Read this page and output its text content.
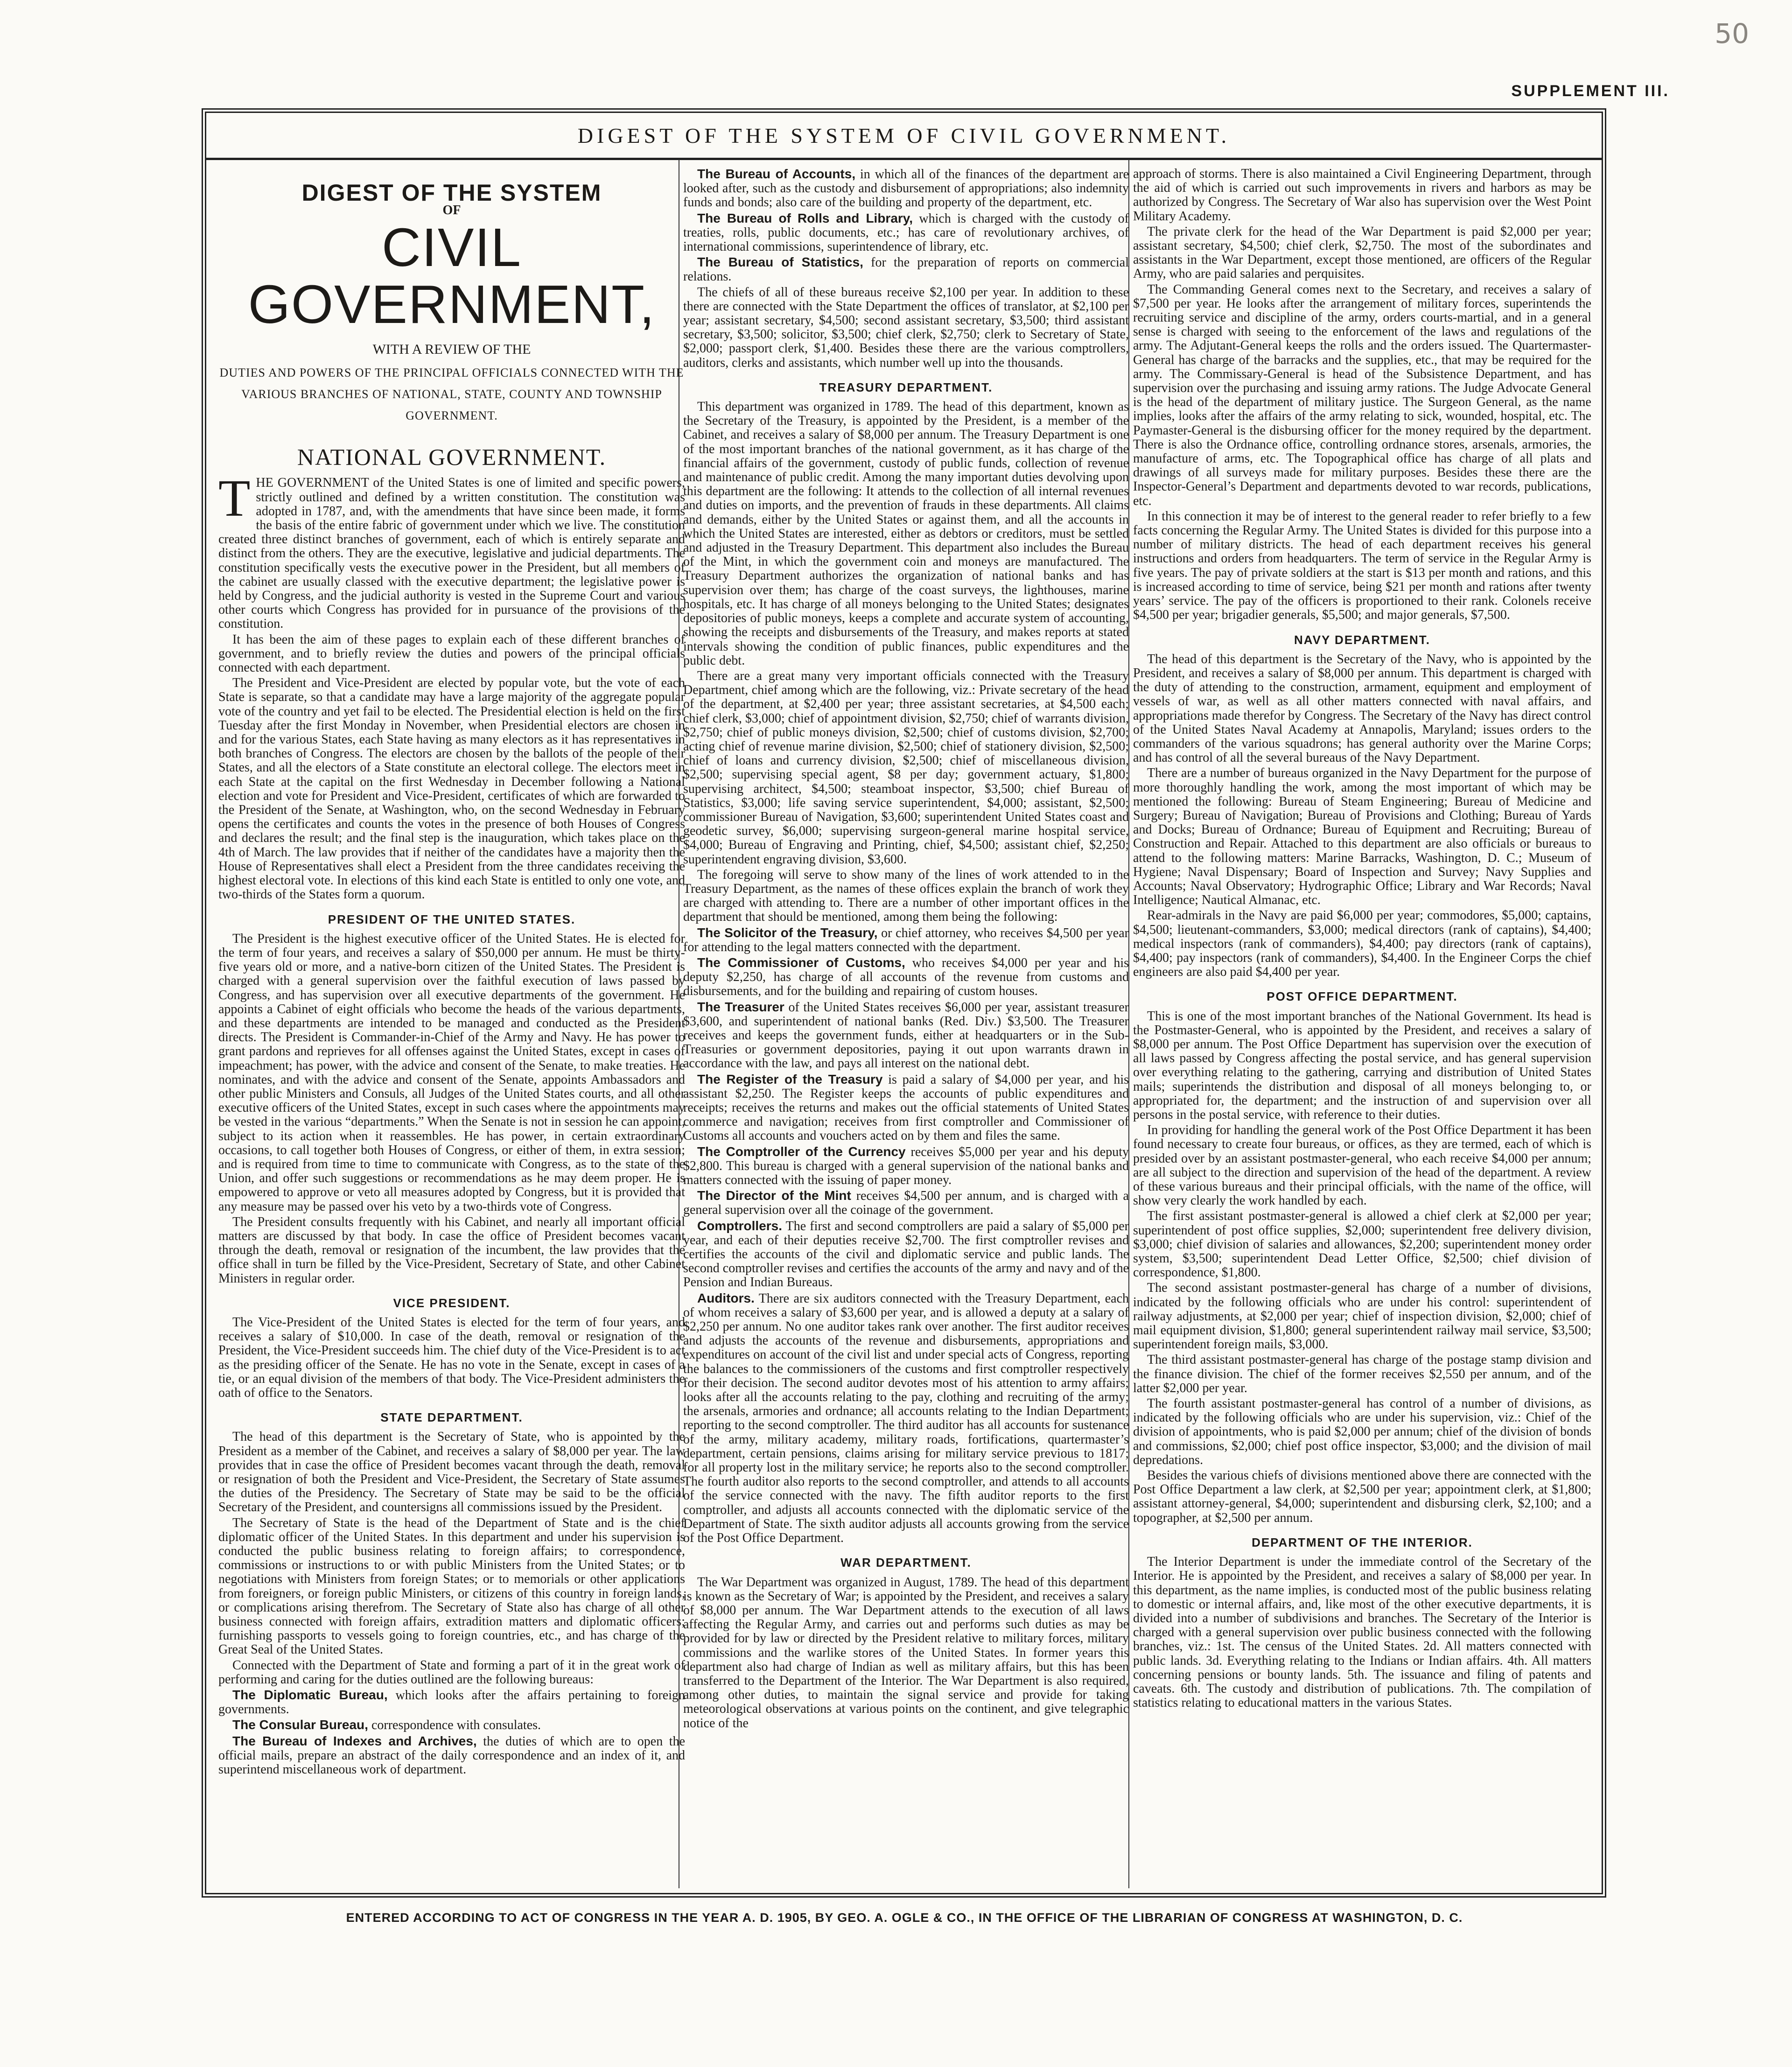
50
SUPPLEMENT III.
DIGEST OF THE SYSTEM OF CIVIL GOVERNMENT.
DIGEST OF THE SYSTEM
OF
CIVIL GOVERNMENT,
WITH A REVIEW OF THE
DUTIES AND POWERS OF THE PRINCIPAL OFFICIALS CONNECTED WITH THE VARIOUS BRANCHES OF NATIONAL, STATE, COUNTY AND TOWNSHIP GOVERNMENT.
NATIONAL GOVERNMENT.

THE GOVERNMENT of the United States is one of limited and specific powers, strictly outlined and defined by a written constitution. The constitution was adopted in 1787, and, with the amendments that have since been made, it forms the basis of the entire fabric of government under which we live. The constitution created three distinct branches of government, each of which is entirely separate and distinct from the others. They are the executive, legislative and judicial departments. The constitution specifically vests the executive power in the President, but all members of the cabinet are usually classed with the executive department; the legislative power is held by Congress, and the judicial authority is vested in the Supreme Court and various other courts which Congress has provided for in pursuance of the provisions of the constitution.

It has been the aim of these pages to explain each of these different branches of government, and to briefly review the duties and powers of the principal officials connected with each department.

The President and Vice-President are elected by popular vote, but the vote of each State is separate, so that a candidate may have a large majority of the aggregate popular vote of the country and yet fail to be elected. The Presidential election is held on the first Tuesday after the first Monday in November, when Presidential electors are chosen in and for the various States, each State having as many electors as it has representatives in both branches of Congress. The electors are chosen by the ballots of the people of their States, and all the electors of a State constitute an electoral college. The electors meet in each State at the capital on the first Wednesday in December following a National election and vote for President and Vice-President, certificates of which are forwarded to the President of the Senate, at Washington, who, on the second Wednesday in February opens the certificates and counts the votes in the presence of both Houses of Congress and declares the result; and the final step is the inauguration, which takes place on the 4th of March. The law provides that if neither of the candidates have a majority then the House of Representatives shall elect a President from the three candidates receiving the highest electoral vote. In elections of this kind each State is entitled to only one vote, and two-thirds of the States form a quorum.

PRESIDENT OF THE UNITED STATES.

The President is the highest executive officer of the United States. He is elected for the term of four years, and receives a salary of $50,000 per annum. He must be thirty-five years old or more, and a native-born citizen of the United States. The President is charged with a general supervision over the faithful execution of laws passed by Congress, and has supervision over all executive departments of the government. He appoints a Cabinet of eight officials who become the heads of the various departments, and these departments are intended to be managed and conducted as the President directs. The President is Commander-in-Chief of the Army and Navy. He has power to grant pardons and reprieves for all offenses against the United States, except in cases of impeachment; has power, with the advice and consent of the Senate, to make treaties. He nominates, and with the advice and consent of the Senate, appoints Ambassadors and other public Ministers and Consuls, all Judges of the United States courts, and all other executive officers of the United States, except in such cases where the appointments may be vested in the various “departments.” When the Senate is not in session he can appoint, subject to its action when it reassembles. He has power, in certain extraordinary occasions, to call together both Houses of Congress, or either of them, in extra session; and is required from time to time to communicate with Congress, as to the state of the Union, and offer such suggestions or recommendations as he may deem proper. He is empowered to approve or veto all measures adopted by Congress, but it is provided that any measure may be passed over his veto by a two-thirds vote of Congress.

The President consults frequently with his Cabinet, and nearly all important official matters are discussed by that body. In case the office of President becomes vacant through the death, removal or resignation of the incumbent, the law provides that the office shall in turn be filled by the Vice-President, Secretary of State, and other Cabinet Ministers in regular order.

VICE PRESIDENT.

The Vice-President of the United States is elected for the term of four years, and receives a salary of $10,000. In case of the death, removal or resignation of the President, the Vice-President succeeds him. The chief duty of the Vice-President is to act as the presiding officer of the Senate. He has no vote in the Senate, except in cases of a tie, or an equal division of the members of that body. The Vice-President administers the oath of office to the Senators.

STATE DEPARTMENT.

The head of this department is the Secretary of State, who is appointed by the President as a member of the Cabinet, and receives a salary of $8,000 per year. The law provides that in case the office of President becomes vacant through the death, removal or resignation of both the President and Vice-President, the Secretary of State assumes the duties of the Presidency. The Secretary of State may be said to be the official Secretary of the President, and countersigns all commissions issued by the President.

The Secretary of State is the head of the Department of State and is the chief diplomatic officer of the United States. In this department and under his supervision is conducted the public business relating to foreign affairs; to correspondence, commissions or instructions to or with public Ministers from the United States; or to negotiations with Ministers from foreign States; or to memorials or other applications from foreigners, or foreign public Ministers, or citizens of this country in foreign lands, or complications arising therefrom. The Secretary of State also has charge of all other business connected with foreign affairs, extradition matters and diplomatic officers; furnishing passports to vessels going to foreign countries, etc., and has charge of the Great Seal of the United States.

Connected with the Department of State and forming a part of it in the great work of performing and caring for the duties outlined are the following bureaus:

The Diplomatic Bureau, which looks after the affairs pertaining to foreign governments.

The Consular Bureau, correspondence with consulates.

The Bureau of Indexes and Archives, the duties of which are to open the official mails, prepare an abstract of the daily correspondence and an index of it, and superintend miscellaneous work of department.

The Bureau of Accounts, in which all of the finances of the department are looked after, such as the custody and disbursement of appropriations; also indemnity funds and bonds; also care of the building and property of the department, etc.

The Bureau of Rolls and Library, which is charged with the custody of treaties, rolls, public documents, etc.; has care of revolutionary archives, of international commissions, superintendence of library, etc.

The Bureau of Statistics, for the preparation of reports on commercial relations.

The chiefs of all of these bureaus receive $2,100 per year. In addition to these there are connected with the State Department the offices of translator, at $2,100 per year; assistant secretary, $4,500; second assistant secretary, $3,500; third assistant secretary, $3,500; solicitor, $3,500; chief clerk, $2,750; clerk to Secretary of State, $2,000; passport clerk, $1,400. Besides these there are the various comptrollers, auditors, clerks and assistants, which number well up into the thousands.

TREASURY DEPARTMENT.

This department was organized in 1789. The head of this department, known as the Secretary of the Treasury, is appointed by the President, is a member of the Cabinet, and receives a salary of $8,000 per annum. The Treasury Department is one of the most important branches of the national government, as it has charge of the financial affairs of the government, custody of public funds, collection of revenue and maintenance of public credit. Among the many important duties devolving upon this department are the following: It attends to the collection of all internal revenues and duties on imports, and the prevention of frauds in these departments. All claims and demands, either by the United States or against them, and all the accounts in which the United States are interested, either as debtors or creditors, must be settled and adjusted in the Treasury Department. This department also includes the Bureau of the Mint, in which the government coin and moneys are manufactured. The Treasury Department authorizes the organization of national banks and has supervision over them; has charge of the coast surveys, the lighthouses, marine hospitals, etc. It has charge of all moneys belonging to the United States; designates depositories of public moneys, keeps a complete and accurate system of accounting, showing the receipts and disbursements of the Treasury, and makes reports at stated intervals showing the condition of public finances, public expenditures and the public debt.

There are a great many very important officials connected with the Treasury Department, chief among which are the following, viz.: Private secretary of the head of the department, at $2,400 per year; three assistant secretaries, at $4,500 each; chief clerk, $3,000; chief of appointment division, $2,750; chief of warrants division, $2,750; chief of public moneys division, $2,500; chief of customs division, $2,700; acting chief of revenue marine division, $2,500; chief of stationery division, $2,500; chief of loans and currency division, $2,500; chief of miscellaneous division, $2,500; supervising special agent, $8 per day; government actuary, $1,800; supervising architect, $4,500; steamboat inspector, $3,500; chief Bureau of Statistics, $3,000; life saving service superintendent, $4,000; assistant, $2,500; commissioner Bureau of Navigation, $3,600; superintendent United States coast and geodetic survey, $6,000; supervising surgeon-general marine hospital service, $4,000; Bureau of Engraving and Printing, chief, $4,500; assistant chief, $2,250; superintendent engraving division, $3,600.

The foregoing will serve to show many of the lines of work attended to in the Treasury Department, as the names of these offices explain the branch of work they are charged with attending to. There are a number of other important offices in the department that should be mentioned, among them being the following:

The Solicitor of the Treasury, or chief attorney, who receives $4,500 per year for attending to the legal matters connected with the department.

The Commissioner of Customs, who receives $4,000 per year and his deputy $2,250, has charge of all accounts of the revenue from customs and disbursements, and for the building and repairing of custom houses.

The Treasurer of the United States receives $6,000 per year, assistant treasurer $3,600, and superintendent of national banks (Red. Div.) $3,500. The Treasurer receives and keeps the government funds, either at headquarters or in the Sub-Treasuries or government depositories, paying it out upon warrants drawn in accordance with the law, and pays all interest on the national debt.

The Register of the Treasury is paid a salary of $4,000 per year, and his assistant $2,250. The Register keeps the accounts of public expenditures and receipts; receives the returns and makes out the official statements of United States commerce and navigation; receives from first comptroller and Commissioner of Customs all accounts and vouchers acted on by them and files the same.

The Comptroller of the Currency receives $5,000 per year and his deputy $2,800. This bureau is charged with a general supervision of the national banks and matters connected with the issuing of paper money.

The Director of the Mint receives $4,500 per annum, and is charged with a general supervision over all the coinage of the government.

Comptrollers. The first and second comptrollers are paid a salary of $5,000 per year, and each of their deputies receive $2,700. The first comptroller revises and certifies the accounts of the civil and diplomatic service and public lands. The second comptroller revises and certifies the accounts of the army and navy and of the Pension and Indian Bureaus.

Auditors. There are six auditors connected with the Treasury Department, each of whom receives a salary of $3,600 per year, and is allowed a deputy at a salary of $2,250 per annum. No one auditor takes rank over another. The first auditor receives and adjusts the accounts of the revenue and disbursements, appropriations and expenditures on account of the civil list and under special acts of Congress, reporting the balances to the commissioners of the customs and first comptroller respectively for their decision. The second auditor devotes most of his attention to army affairs; looks after all the accounts relating to the pay, clothing and recruiting of the army; the arsenals, armories and ordnance; all accounts relating to the Indian Department; reporting to the second comptroller. The third auditor has all accounts for sustenance of the army, military academy, military roads, fortifications, quartermaster’s department, certain pensions, claims arising for military service previous to 1817; for all property lost in the military service; he reports also to the second comptroller. The fourth auditor also reports to the second comptroller, and attends to all accounts of the service connected with the navy. The fifth auditor reports to the first comptroller, and adjusts all accounts connected with the diplomatic service of the Department of State. The sixth auditor adjusts all accounts growing from the service of the Post Office Department.

WAR DEPARTMENT.

The War Department was organized in August, 1789. The head of this department is known as the Secretary of War; is appointed by the President, and receives a salary of $8,000 per annum. The War Department attends to the execution of all laws affecting the Regular Army, and carries out and performs such duties as may be provided for by law or directed by the President relative to military forces, military commissions and the warlike stores of the United States. In former years this department also had charge of Indian as well as military affairs, but this has been transferred to the Department of the Interior. The War Department is also required, among other duties, to maintain the signal service and provide for taking meteorological observations at various points on the continent, and give telegraphic notice of the

approach of storms. There is also maintained a Civil Engineering Department, through the aid of which is carried out such improvements in rivers and harbors as may be authorized by Congress. The Secretary of War also has supervision over the West Point Military Academy.

The private clerk for the head of the War Department is paid $2,000 per year; assistant secretary, $4,500; chief clerk, $2,750. The most of the subordinates and assistants in the War Department, except those mentioned, are officers of the Regular Army, who are paid salaries and perquisites.

The Commanding General comes next to the Secretary, and receives a salary of $7,500 per year. He looks after the arrangement of military forces, superintends the recruiting service and discipline of the army, orders courts-martial, and in a general sense is charged with seeing to the enforcement of the laws and regulations of the army. The Adjutant-General keeps the rolls and the orders issued. The Quartermaster-General has charge of the barracks and the supplies, etc., that may be required for the army. The Commissary-General is head of the Subsistence Department, and has supervision over the purchasing and issuing army rations. The Judge Advocate General is the head of the department of military justice. The Surgeon General, as the name implies, looks after the affairs of the army relating to sick, wounded, hospital, etc. The Paymaster-General is the disbursing officer for the money required by the department. There is also the Ordnance office, controlling ordnance stores, arsenals, armories, the manufacture of arms, etc. The Topographical office has charge of all plats and drawings of all surveys made for military purposes. Besides these there are the Inspector-General’s Department and departments devoted to war records, publications, etc.

In this connection it may be of interest to the general reader to refer briefly to a few facts concerning the Regular Army. The United States is divided for this purpose into a number of military districts. The head of each department receives his general instructions and orders from headquarters. The term of service in the Regular Army is five years. The pay of private soldiers at the start is $13 per month and rations, and this is increased according to time of service, being $21 per month and rations after twenty years’ service. The pay of the officers is proportioned to their rank. Colonels receive $4,500 per year; brigadier generals, $5,500; and major generals, $7,500.

NAVY DEPARTMENT.

The head of this department is the Secretary of the Navy, who is appointed by the President, and receives a salary of $8,000 per annum. This department is charged with the duty of attending to the construction, armament, equipment and employment of vessels of war, as well as all other matters connected with naval affairs, and appropriations made therefor by Congress. The Secretary of the Navy has direct control of the United States Naval Academy at Annapolis, Maryland; issues orders to the commanders of the various squadrons; has general authority over the Marine Corps; and has control of all the several bureaus of the Navy Department.

There are a number of bureaus organized in the Navy Department for the purpose of more thoroughly handling the work, among the most important of which may be mentioned the following: Bureau of Steam Engineering; Bureau of Medicine and Surgery; Bureau of Navigation; Bureau of Provisions and Clothing; Bureau of Yards and Docks; Bureau of Ordnance; Bureau of Equipment and Recruiting; Bureau of Construction and Repair. Attached to this department are also officials or bureaus to attend to the following matters: Marine Barracks, Washington, D. C.; Museum of Hygiene; Naval Dispensary; Board of Inspection and Survey; Navy Supplies and Accounts; Naval Observatory; Hydrographic Office; Library and War Records; Naval Intelligence; Nautical Almanac, etc.

Rear-admirals in the Navy are paid $6,000 per year; commodores, $5,000; captains, $4,500; lieutenant-commanders, $3,000; medical directors (rank of captains), $4,400; medical inspectors (rank of commanders), $4,400; pay directors (rank of captains), $4,400; pay inspectors (rank of commanders), $4,400. In the Engineer Corps the chief engineers are also paid $4,400 per year.

POST OFFICE DEPARTMENT.

This is one of the most important branches of the National Government. Its head is the Postmaster-General, who is appointed by the President, and receives a salary of $8,000 per annum. The Post Office Department has supervision over the execution of all laws passed by Congress affecting the postal service, and has general supervision over everything relating to the gathering, carrying and distribution of United States mails; superintends the distribution and disposal of all moneys belonging to, or appropriated for, the department; and the instruction of and supervision over all persons in the postal service, with reference to their duties.

In providing for handling the general work of the Post Office Department it has been found necessary to create four bureaus, or offices, as they are termed, each of which is presided over by an assistant postmaster-general, who each receive $4,000 per annum; are all subject to the direction and supervision of the head of the department. A review of these various bureaus and their principal officials, with the name of the office, will show very clearly the work handled by each.

The first assistant postmaster-general is allowed a chief clerk at $2,000 per year; superintendent of post office supplies, $2,000; superintendent free delivery division, $3,000; chief division of salaries and allowances, $2,200; superintendent money order system, $3,500; superintendent Dead Letter Office, $2,500; chief division of correspondence, $1,800.

The second assistant postmaster-general has charge of a number of divisions, indicated by the following officials who are under his control: superintendent of railway adjustments, at $2,000 per year; chief of inspection division, $2,000; chief of mail equipment division, $1,800; general superintendent railway mail service, $3,500; superintendent foreign mails, $3,000.

The third assistant postmaster-general has charge of the postage stamp division and the finance division. The chief of the former receives $2,550 per annum, and of the latter $2,000 per year.

The fourth assistant postmaster-general has control of a number of divisions, as indicated by the following officials who are under his supervision, viz.: Chief of the division of appointments, who is paid $2,000 per annum; chief of the division of bonds and commissions, $2,000; chief post office inspector, $3,000; and the division of mail depredations.

Besides the various chiefs of divisions mentioned above there are connected with the Post Office Department a law clerk, at $2,500 per year; appointment clerk, at $1,800; assistant attorney-general, $4,000; superintendent and disbursing clerk, $2,100; and a topographer, at $2,500 per annum.

DEPARTMENT OF THE INTERIOR.

The Interior Department is under the immediate control of the Secretary of the Interior. He is appointed by the President, and receives a salary of $8,000 per year. In this department, as the name implies, is conducted most of the public business relating to domestic or internal affairs, and, like most of the other executive departments, it is divided into a number of subdivisions and branches. The Secretary of the Interior is charged with a general supervision over public business connected with the following branches, viz.: 1st. The census of the United States. 2d. All matters connected with public lands. 3d. Everything relating to the Indians or Indian affairs. 4th. All matters concerning pensions or bounty lands. 5th. The issuance and filing of patents and caveats. 6th. The custody and distribution of publications. 7th. The compilation of statistics relating to educational matters in the various States.

ENTERED ACCORDING TO ACT OF CONGRESS IN THE YEAR A. D. 1905, BY GEO. A. OGLE & CO., IN THE OFFICE OF THE LIBRARIAN OF CONGRESS AT WASHINGTON, D. C.
